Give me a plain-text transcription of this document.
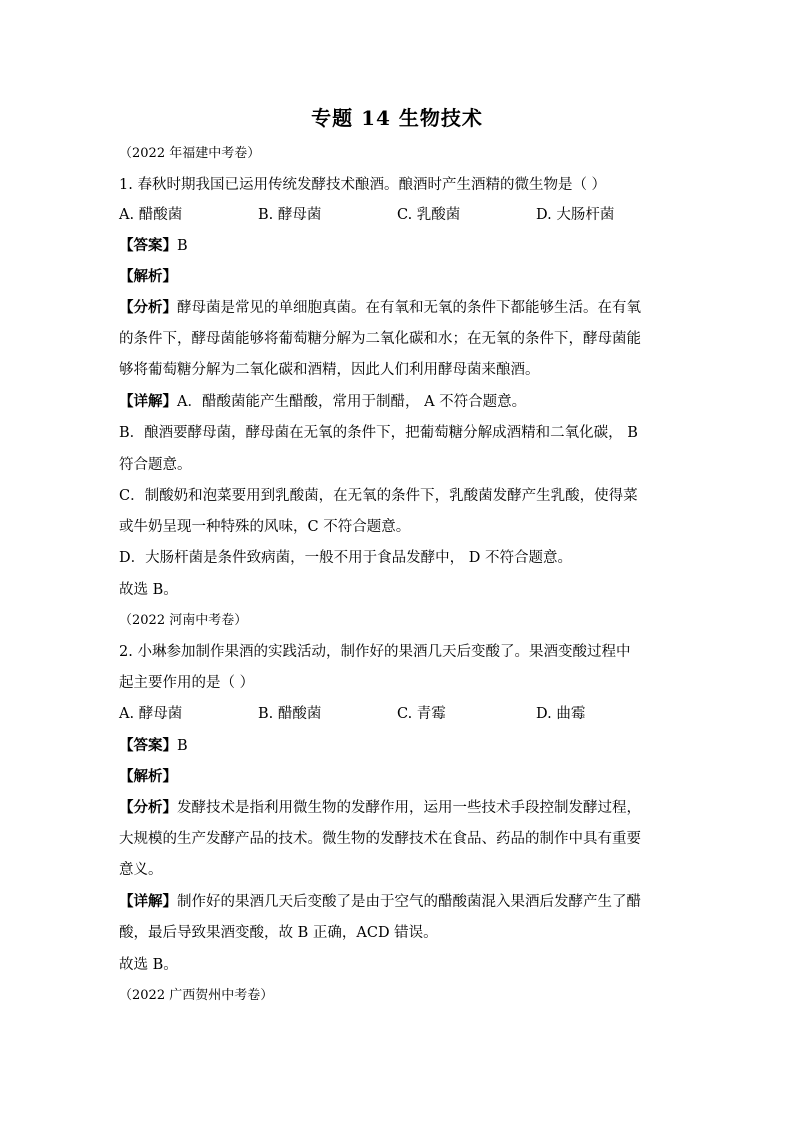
专题 14 生物技术
（2022 年福建中考卷）
1. 春秋时期我国已运用传统发酵技术酿酒。酿酒时产生酒精的微生物是（ ）
A. 醋酸菌	B. 酵母菌	C. 乳酸菌	D. 大肠杆菌
【答案】B
【解析】
【分析】酵母菌是常见的单细胞真菌。在有氧和无氧的条件下都能够生活。在有氧
的条件下，酵母菌能够将葡萄糖分解为二氧化碳和水；在无氧的条件下，酵母菌能
够将葡萄糖分解为二氧化碳和酒精，因此人们利用酵母菌来酿酒。
【详解】A．醋酸菌能产生醋酸，常用于制醋， A 不符合题意。
B．酿酒要酵母菌，酵母菌在无氧的条件下，把葡萄糖分解成酒精和二氧化碳， B
符合题意。
C．制酸奶和泡菜要用到乳酸菌，在无氧的条件下，乳酸菌发酵产生乳酸，使得菜
或牛奶呈现一种特殊的风味，C 不符合题意。
D．大肠杆菌是条件致病菌，一般不用于食品发酵中， D 不符合题意。
故选 B。
（2022 河南中考卷）
2. 小琳参加制作果酒的实践活动，制作好的果酒几天后变酸了。果酒变酸过程中
起主要作用的是（ ）
A. 酵母菌	B. 醋酸菌	C. 青霉	D. 曲霉
【答案】B
【解析】
【分析】发酵技术是指利用微生物的发酵作用，运用一些技术手段控制发酵过程，
大规模的生产发酵产品的技术。微生物的发酵技术在食品、药品的制作中具有重要
意义。
【详解】制作好的果酒几天后变酸了是由于空气的醋酸菌混入果酒后发酵产生了醋
酸，最后导致果酒变酸，故 B 正确，ACD 错误。
故选 B。
（2022 广西贺州中考卷）
